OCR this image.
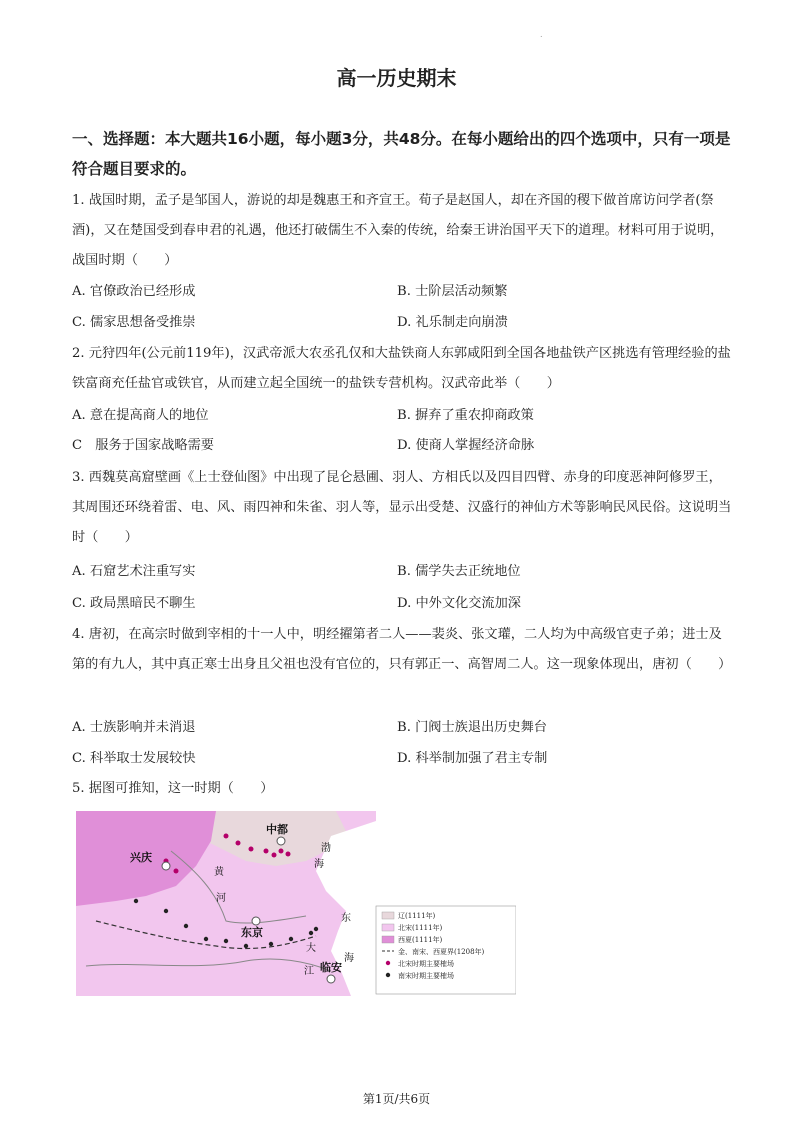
.
高一历史期末
一、选择题：本大题共16小题，每小题3分，共48分。在每小题给出的四个选项中，只有一项是符合题目要求的。
1. 战国时期，孟子是邹国人，游说的却是魏惠王和齐宣王。荀子是赵国人，却在齐国的稷下做首席访问学者(祭酒)，又在楚国受到春申君的礼遇，他还打破儒生不入秦的传统，给秦王讲治国平天下的道理。材料可用于说明，战国时期（　　）
A. 官僚政治已经形成	B. 士阶层活动频繁
C. 儒家思想备受推崇	D. 礼乐制走向崩溃
2. 元狩四年(公元前119年)，汉武帝派大农丞孔仅和大盐铁商人东郭咸阳到全国各地盐铁产区挑选有管理经验的盐铁富商充任盐官或铁官，从而建立起全国统一的盐铁专营机构。汉武帝此举（　　）
A. 意在提高商人的地位	B. 摒弃了重农抑商政策
C　服务于国家战略需要	D. 使商人掌握经济命脉
3. 西魏莫高窟壁画《上士登仙图》中出现了昆仑悬圃、羽人、方相氏以及四目四臂、赤身的印度恶神阿修罗王，其周围还环绕着雷、电、风、雨四神和朱雀、羽人等，显示出受楚、汉盛行的神仙方术等影响民风民俗。这说明当时（　　）
A. 石窟艺术注重写实	B. 儒学失去正统地位
C. 政局黑暗民不聊生	D. 中外文化交流加深
4. 唐初，在高宗时做到宰相的十一人中，明经擢第者二人——裴炎、张文瓘，二人均为中高级官吏子弟；进士及第的有九人，其中真正寒士出身且父祖也没有官位的，只有郭正一、高智周二人。这一现象体现出，唐初（　　）
A. 士族影响并未消退	B. 门阀士族退出历史舞台
C. 科举取士发展较快	D. 科举制加强了君主专制
5. 据图可推知，这一时期（　　）
中都
兴庆
东京
临安
渤
海
东
海
黄
河
大
江
辽(1111年)
北宋(1111年)
西夏(1111年)
金、南宋、西夏界(1208年)
北宋时期主要榷场
南宋时期主要榷场
第1页/共6页
